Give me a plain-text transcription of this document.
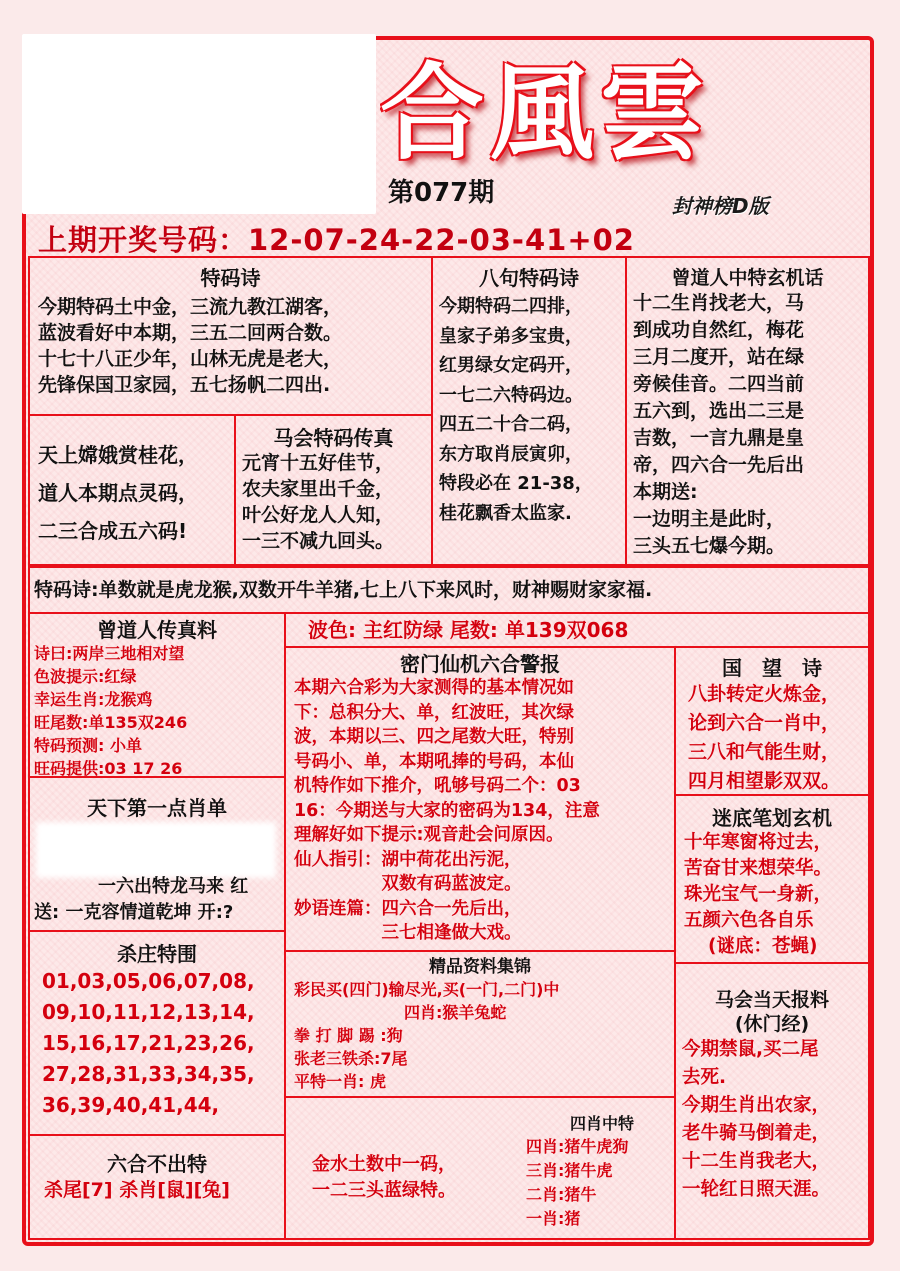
合風雲
第077期	封神榜D版
上期开奖号码：12-07-24-22-03-41+02
特码诗
今期特码土中金，三流九教江湖客，
蓝波看好中本期，三五二回两合数。
十七十八正少年，山林无虎是老大，
先锋保国卫家园，五七扬帆二四出.
天上嫦娥赏桂花，
道人本期点灵码，
二三合成五六码!
马会特码传真
元宵十五好佳节，
农夫家里出千金，
叶公好龙人人知，
一三不减九回头。
八句特码诗
今期特码二四排，
皇家子弟多宝贵，
红男绿女定码开，
一七二六特码边。
四五二十合二码，
东方取肖辰寅卯，
特段必在 21-38，
桂花飘香太监家.
曾道人中特玄机话
十二生肖找老大，马
到成功自然红，梅花
三月二度开，站在绿
旁候佳音。二四当前
五六到，选出二三是
吉数，一言九鼎是皇
帝，四六合一先后出
本期送:
一边明主是此时，
三头五七爆今期。
特码诗:单数就是虎龙猴,双数开牛羊猪,七上八下来风时，财神赐财家家福.
曾道人传真料
诗曰:两岸三地相对望
色波提示:红绿
幸运生肖:龙猴鸡
旺尾数:单135双246
特码预测: 小单
旺码提供:03 17 26
天下第一点肖单
一六出特龙马来 红
送: 一克容情道乾坤 开:?
杀庄特围
01,03,05,06,07,08,
09,10,11,12,13,14,
15,16,17,21,23,26,
27,28,31,33,34,35,
36,39,40,41,44,
六合不出特
杀尾[7] 杀肖[鼠][兔]
波色: 主红防绿 尾数: 单139双068
密门仙机六合警报
本期六合彩为大家测得的基本情况如
下：总积分大、单，红波旺，其次绿
波，本期以三、四之尾数大旺，特别
号码小、单，本期吼捧的号码，本仙
机特作如下推介，吼够号码二个：03
16：今期送与大家的密码为134，注意
理解好如下提示:观音赴会问原因。
仙人指引：湖中荷花出污泥，
　　　　　双数有码蓝波定。
妙语连篇：四六合一先后出，
　　　　　三七相逢做大戏。
精品资料集锦
彩民买(四门)输尽光,买(一门,二门)中
四肖:猴羊兔蛇
拳 打 脚 踢 :狗
张老三铁杀:7尾
平特一肖: 虎
金水土数中一码，
一二三头蓝绿特。
四肖中特
四肖:猪牛虎狗
三肖:猪牛虎
二肖:猪牛
一肖:猪
国　望　诗
八卦转定火炼金，
论到六合一肖中，
三八和气能生财，
四月相望影双双。
迷底笔划玄机
十年寒窗将过去，
苦奋甘来想荣华。
珠光宝气一身新，
五颜六色各自乐
(谜底：苍蝇)
马会当天报料
(休门经)
今期禁鼠,买二尾
去死.
今期生肖出农家，
老牛骑马倒着走，
十二生肖我老大，
一轮红日照天涯。
